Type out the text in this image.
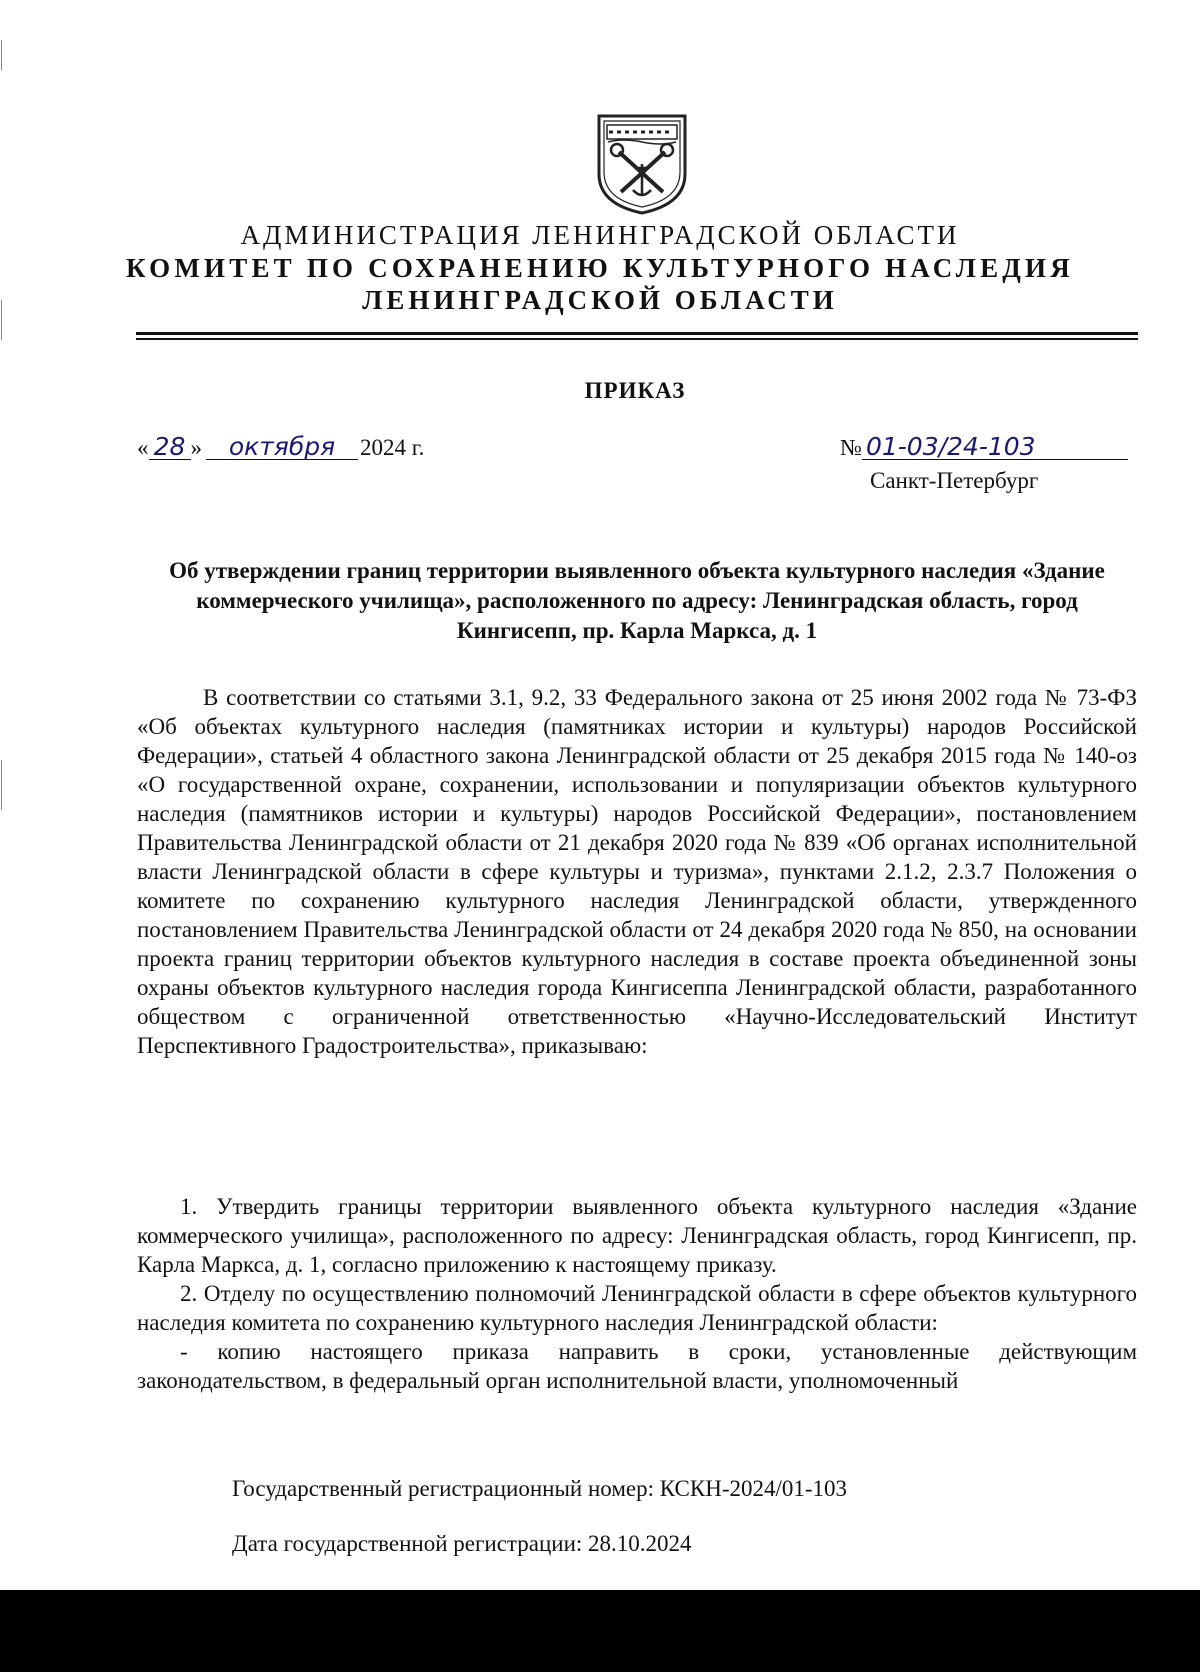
АДМИНИСТРАЦИЯ ЛЕНИНГРАДСКОЙ ОБЛАСТИ
КОМИТЕТ ПО СОХРАНЕНИЮ КУЛЬТУРНОГО НАСЛЕДИЯ
ЛЕНИНГРАДСКОЙ ОБЛАСТИ
ПРИКАЗ
« 28 » октября 2024 г.	№ 01-03/24-103
Санкт-Петербург
Об утверждении границ территории выявленного объекта культурного наследия «Здание коммерческого училища», расположенного по адресу: Ленинградская область, город Кингисепп, пр. Карла Маркса, д. 1
В соответствии со статьями 3.1, 9.2, 33 Федерального закона от 25 июня 2002 года № 73-ФЗ «Об объектах культурного наследия (памятниках истории и культуры) народов Российской Федерации», статьей 4 областного закона Ленинградской области от 25 декабря 2015 года № 140-оз «О государственной охране, сохранении, использовании и популяризации объектов культурного наследия (памятников истории и культуры) народов Российской Федерации», постановлением Правительства Ленинградской области от 21 декабря 2020 года № 839 «Об органах исполнительной власти Ленинградской области в сфере культуры и туризма», пунктами 2.1.2, 2.3.7 Положения о комитете по сохранению культурного наследия Ленинградской области, утвержденного постановлением Правительства Ленинградской области от 24 декабря 2020 года № 850, на основании проекта границ территории объектов культурного наследия в составе проекта объединенной зоны охраны объектов культурного наследия города Кингисеппа Ленинградской области, разработанного обществом с ограниченной ответственностью «Научно-Исследовательский Институт Перспективного Градостроительства», приказываю:

1. Утвердить границы территории выявленного объекта культурного наследия «Здание коммерческого училища», расположенного по адресу: Ленинградская область, город Кингисепп, пр. Карла Маркса, д. 1, согласно приложению к настоящему приказу.

2. Отделу по осуществлению полномочий Ленинградской области в сфере объектов культурного наследия комитета по сохранению культурного наследия Ленинградской области:

- копию настоящего приказа направить в сроки, установленные действующим законодательством, в федеральный орган исполнительной власти, уполномоченный

Государственный регистрационный номер: КСКН-2024/01-103
Дата государственной регистрации: 28.10.2024
